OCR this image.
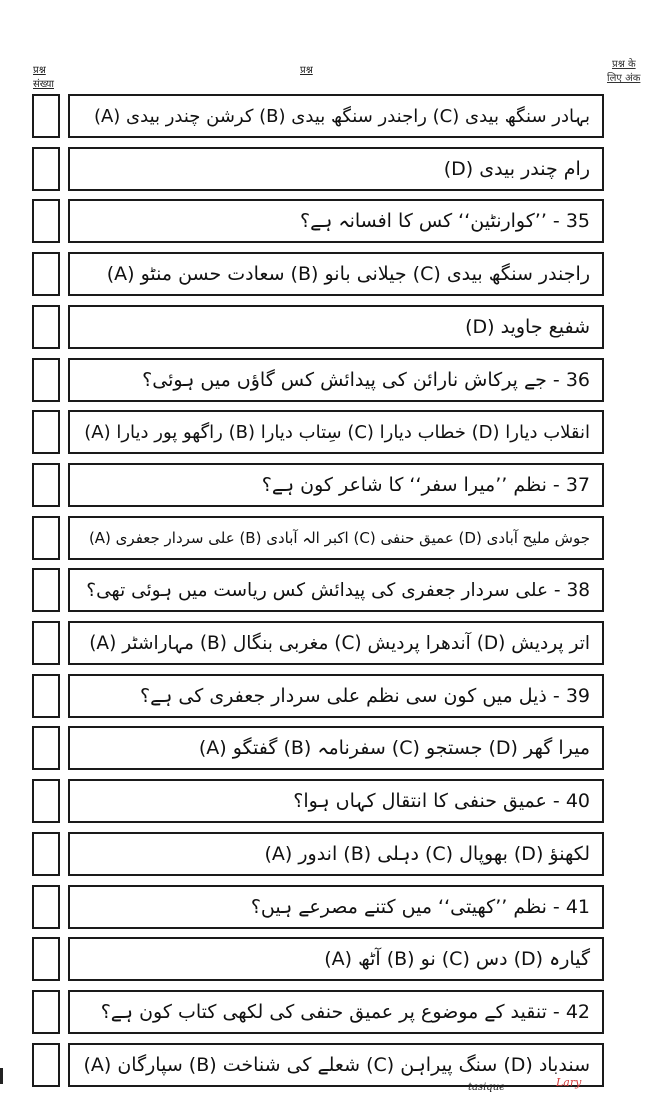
प्रश्न
संख्या
प्रश्न
प्रश्न के
लिए अंक
(A) کرشن چندر بیدی (B) راجندر سنگھ بیدی (C) بہادر سنگھ بیدی
(D) رام چندر بیدی
35 - ’’کوارنٹین‘‘ کس کا افسانہ ہے؟
(A) سعادت حسن منٹو (B) جیلانی بانو (C) راجندر سنگھ بیدی
(D) شفیع جاوید
36 - جے پرکاش نارائن کی پیدائش کس گاؤں میں ہوئی؟
(A) راگھو پور دیارا (B) سِتاب دیارا (C) خطاب دیارا (D) انقلاب دیارا
37 - نظم ’’میرا سفر‘‘ کا شاعر کون ہے؟
(A) علی سردار جعفری (B) اکبر الہ آبادی (C) عمیق حنفی (D) جوش ملیح آبادی
38 - علی سردار جعفری کی پیدائش کس ریاست میں ہوئی تھی؟
(A) مہاراشٹر (B) مغربی بنگال (C) آندھرا پردیش (D) اتر پردیش
39 - ذیل میں کون سی نظم علی سردار جعفری کی ہے؟
(A) گفتگو (B) سفرنامہ (C) جستجو (D) میرا گھر
40 - عمیق حنفی کا انتقال کہاں ہوا؟
(A) اندور (B) دہلی (C) بھوپال (D) لکھنؤ
41 - نظم ’’کھیتی‘‘ میں کتنے مصرعے ہیں؟
(A) آٹھ (B) نو (C) دس (D) گیارہ
42 - تنقید کے موضوع پر عمیق حنفی کی لکھی کتاب کون ہے؟
(A) سپارگان (B) شعلے کی شناخت (C) سنگ پیراہن (D) سندباد
tasique	Lary
